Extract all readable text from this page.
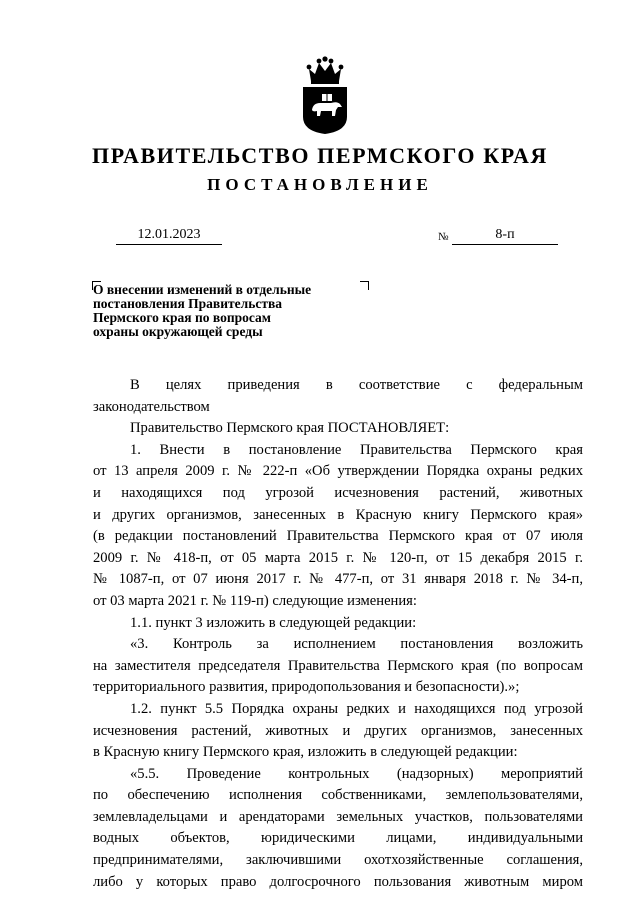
ПРАВИТЕЛЬСТВО ПЕРМСКОГО КРАЯ
ПОСТАНОВЛЕНИЕ
12.01.2023	№	8-п
О внесении изменений в отдельные
постановления Правительства
Пермского края по вопросам
охраны окружающей среды
В целях приведения в соответствие с федеральным
законодательством
Правительство Пермского края ПОСТАНОВЛЯЕТ:
1. Внести в постановление Правительства Пермского края
от 13 апреля 2009 г. № 222-п «Об утверждении Порядка охраны редких
и находящихся под угрозой исчезновения растений, животных
и других организмов, занесенных в Красную книгу Пермского края»
(в редакции постановлений Правительства Пермского края от 07 июля
2009 г. № 418-п, от 05 марта 2015 г. № 120-п, от 15 декабря 2015 г.
№ 1087-п, от 07 июня 2017 г. № 477-п, от 31 января 2018 г. № 34-п,
от 03 марта 2021 г. № 119-п) следующие изменения:
1.1. пункт 3 изложить в следующей редакции:
«3. Контроль за исполнением постановления возложить
на заместителя председателя Правительства Пермского края (по вопросам
территориального развития, природопользования и безопасности).»;
1.2. пункт 5.5 Порядка охраны редких и находящихся под угрозой
исчезновения растений, животных и других организмов, занесенных
в Красную книгу Пермского края, изложить в следующей редакции:
«5.5. Проведение контрольных (надзорных) мероприятий
по обеспечению исполнения собственниками, землепользователями,
землевладельцами и арендаторами земельных участков, пользователями
водных объектов, юридическими лицами, индивидуальными
предпринимателями, заключившими охотхозяйственные соглашения,
либо у которых право долгосрочного пользования животным миром
